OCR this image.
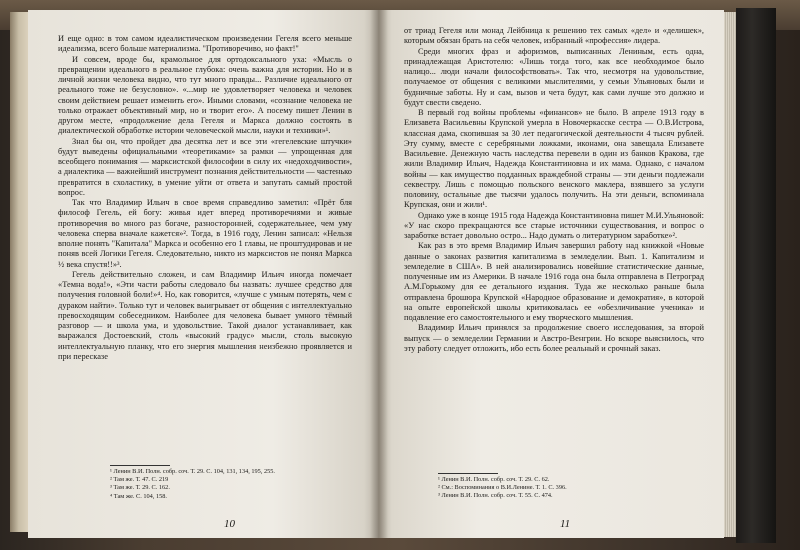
И еще одно: в том самом идеалистическом произведении Гегеля всего меньше идеализма, всего больше материализма. "Противоречиво, но факт!"

И совсем, вроде бы, крамольное для ортодоксального уха: «Мысль о превращении идеального в реальное глубока: очень важна для истории. Но и в личной жизни человека видно, что тут много правды... Различие идеального от реального тоже не безусловно». «...мир не удовлетворяет человека и человек своим действием решает изменить его». Иными словами, «сознание человека не только отражает объективный мир, но и творит его». А посему пишет Ленин в другом месте, «продолжение дела Гегеля и Маркса должно состоять в диалектической обработке истории человеческой мысли, науки и техники»¹.

Знал бы он, что пройдет два десятка лет и все эти «гегелевские штучки» будут выведены официальными «теоретиками» за рамки — упрощенная для всеобщего понимания — марксистской философии в силу их «недоходчивости», а диалектика — важнейший инструмент познания действительности — частенько превратится в схоластику, в умение уйти от ответа и запутать самый простой вопрос.

Так что Владимир Ильич в свое время справедливо заметил: «Прёт бля философ Гегель, ей богу: живья идет вперед противоречиями и живые противоречия во много раз богаче, разносторонней, содержательнее, чем уму человека сперва вначале кажется»². Тогда, в 1916 году, Ленин записал: «Нельзя вполне понять "Капитала" Маркса и особенно его 1 главы, не проштудировав и не поняв всей Логики Гегеля. Следовательно, никто из марксистов не понял Маркса ½ века спустя!!»³.

Гегель действительно сложен, и сам Владимир Ильич иногда помечает «Темна вода!», «Эти части работы следовало бы назвать: лучшее средство для получения головной боли!»⁴. Но, как говорится, «лучше с умным потерять, чем с дураком найти». Только тут и человек выигрывает от общения с интеллектуально превосходящим собеседником. Наиболее для человека бывает умного тёмный разговор — и школа ума, и удовольствие. Такой диалог устанавливает, как выражался Достоевский, столь «высокий градус» мысли, столь высокую интеллектуальную планку, что его энергия мышления неизбежно проявляется и при пересказе

¹ Ленин В.И. Полн. собр. соч. Т. 29. С. 104, 131, 134, 195, 255.

² Там же. Т. 47. С. 219

³ Там же. Т. 29. С. 162.

⁴ Там же. С. 104, 158.

10

от триад Гегеля или монад Лейбница к решению тех самых «дел» и «делишек», которым обязан брать на себя человек, избранный «профессия» лидера.

Среди многих фраз и афоризмов, выписанных Лениным, есть одна, принадлежащая Аристотелю: «Лишь тогда того, как все необходимое было налицо... люди начали философствовать». Так что, несмотря на удовольствие, получаемое от общения с великими мыслителями, у семьи Ульяновых были и будничные заботы. Ну и сам, вызов и чета будут, как сами лучше это должно и будут свести сведено.

В первый год войны проблемы «финансов» не было. В апреле 1913 году в Елизавета Васильевны Крупской умерла в Новочеркасске сестра — О.В.Истрова, классная дама, скопившая за 30 лет педагогической деятельности 4 тысяч рублей. Эту сумму, вместе с серебряными ложками, иконами, она завещала Елизавете Васильевне. Денежную часть наследства перевели в один из банков Кракова, где жили Владимир Ильич, Надежда Константиновна и их мама. Однако, с началом войны — как имущество подданных враждебной страны — эти деньги подлежали секвестру. Лишь с помощью польского венского маклера, взявшего за услуги половину, остальные две тысячи удалось получить. На эти деньги, вспоминала Крупская, они и жили¹.

Однако уже в конце 1915 года Надежда Константиновна пишет М.И.Ульяновой: «У нас скоро прекращаются все старые источники существования, и вопрос о заработке встает довольно остро... Надо думать о литературном заработке»².

Как раз в это время Владимир Ильич завершил работу над книжкой «Новые данные о законах развития капитализма в земледелии. Вып. 1. Капитализм и земледелие в США». В ней анализировались новейшие статистические данные, полученные им из Америки. В начале 1916 года она была отправлена в Петроград А.М.Горькому для ее детального издания. Туда же несколько раньше была отправлена брошюра Крупской «Народное образование и демократия», в которой на опыте европейской школы критиковалась ее «обезличивание ученика» и подавление его самостоятельного и ему творческого мышления.

Владимир Ильич принялся за продолжение своего исследования, за второй выпуск — о земледелии Германии и Австро-Венгрии. Но вскоре выяснилось, что эту работу следует отложить, ибо есть более реальный и срочный заказ.

¹ Ленин В.И. Полн. собр. соч. Т. 29. С. 62.

² См.: Воспоминания о В.И.Ленине. Т. 1. С. 396.

³ Ленин В.И. Полн. собр. соч. Т. 55. С. 474.

11
